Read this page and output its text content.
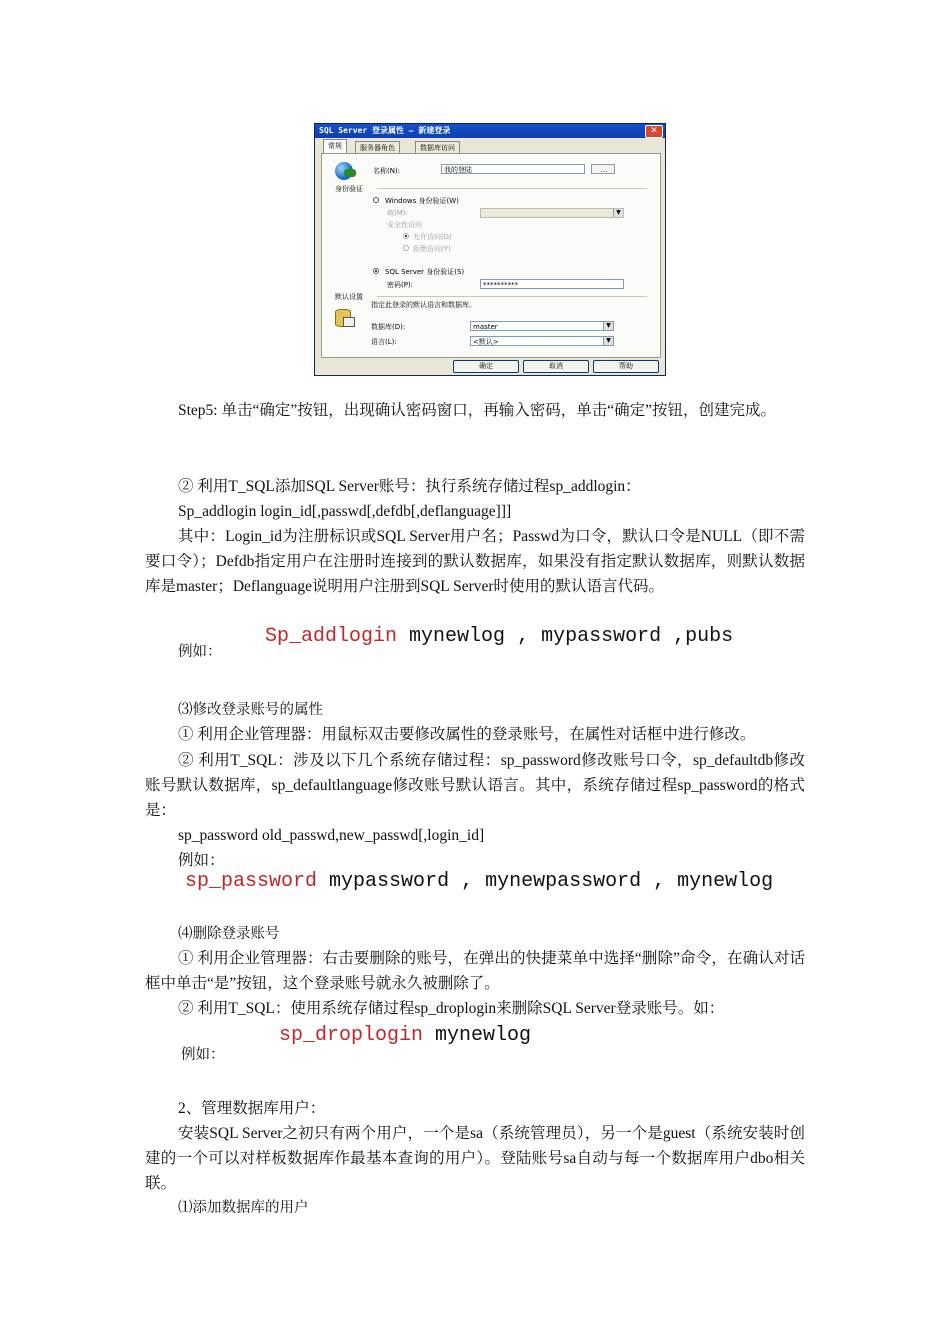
SQL Server 登录属性 — 新建登录	✕
常规	服务器角色	数据库访问
名称(N):	我的登陆	...
身份验证
Windows 身份验证(W)
域(M):	▼
安全性访问
允许访问(G)
拒绝访问(Y)
SQL Server 身份验证(S)
密码(P):	**********
默认设置
指定此登录的默认语言和数据库。
数据库(D):	master	▼
语言(L):	<默认>	▼
确定	取消	帮助
Step5: 单击“确定”按钮，出现确认密码窗口，再输入密码，单击“确定”按钮，创建完成。
② 利用T_SQL添加SQL Server账号：执行系统存储过程sp_addlogin：
Sp_addlogin login_id[,passwd[,defdb[,deflanguage]]]
其中：Login_id为注册标识或SQL Server用户名；Passwd为口令，默认口令是NULL（即不需要口令）；Defdb指定用户在注册时连接到的默认数据库，如果没有指定默认数据库，则默认数据库是master；Deflanguage说明用户注册到SQL Server时使用的默认语言代码。
例如：
Sp_addlogin mynewlog , mypassword ,pubs
⑶修改登录账号的属性
① 利用企业管理器：用鼠标双击要修改属性的登录账号，在属性对话框中进行修改。
② 利用T_SQL：涉及以下几个系统存储过程：sp_password修改账号口令，sp_defaultdb修改账号默认数据库，sp_defaultlanguage修改账号默认语言。其中，系统存储过程sp_password的格式是：
sp_password old_passwd,new_passwd[,login_id]
例如：
sp_password mypassword , mynewpassword , mynewlog
⑷删除登录账号
① 利用企业管理器：右击要删除的账号，在弹出的快捷菜单中选择“删除”命令，在确认对话框中单击“是”按钮，这个登录账号就永久被删除了。
② 利用T_SQL：使用系统存储过程sp_droplogin来删除SQL Server登录账号。如：
例如：
sp_droplogin mynewlog
2、管理数据库用户：
安装SQL Server之初只有两个用户，一个是sa（系统管理员），另一个是guest（系统安装时创建的一个可以对样板数据库作最基本查询的用户）。登陆账号sa自动与每一个数据库用户dbo相关联。
⑴添加数据库的用户
